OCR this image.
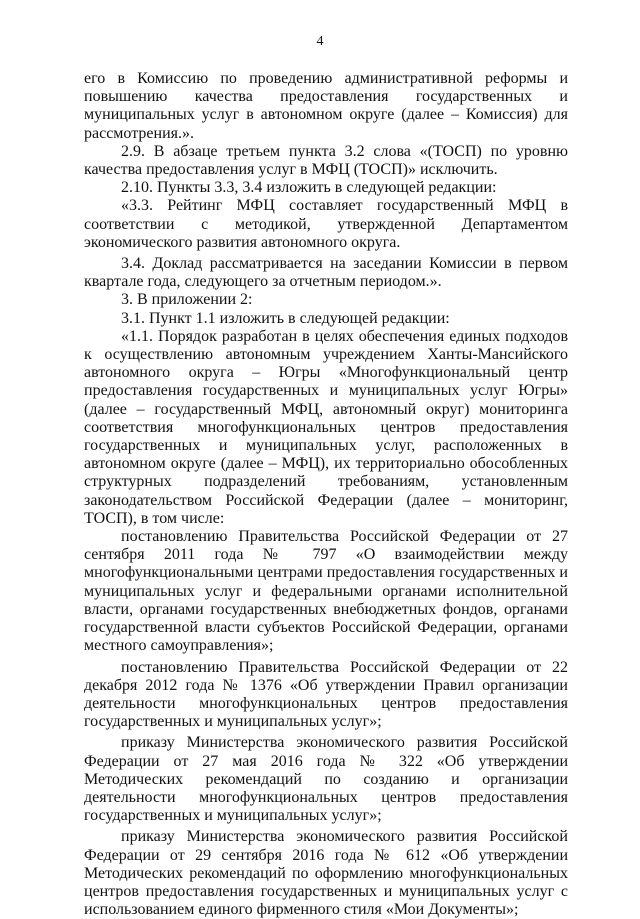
4

его в Комиссию по проведению административной реформы и повышению качества предоставления государственных и муниципальных услуг в автономном округе (далее – Комиссия) для рассмотрения.».

2.9. В абзаце третьем пункта 3.2 слова «(ТОСП) по уровню качества предоставления услуг в МФЦ (ТОСП)» исключить.

2.10. Пункты 3.3, 3.4 изложить в следующей редакции:

«3.3. Рейтинг МФЦ составляет государственный МФЦ в соответствии с методикой, утвержденной Департаментом экономического развития автономного округа.

3.4. Доклад рассматривается на заседании Комиссии в первом квартале года, следующего за отчетным периодом.».

3. В приложении 2:

3.1. Пункт 1.1 изложить в следующей редакции:

«1.1. Порядок разработан в целях обеспечения единых подходов к осуществлению автономным учреждением Ханты-Мансийского автономного округа – Югры «Многофункциональный центр предоставления государственных и муниципальных услуг Югры» (далее – государственный МФЦ, автономный округ) мониторинга соответствия многофункциональных центров предоставления государственных и муниципальных услуг, расположенных в автономном округе (далее – МФЦ), их территориально обособленных структурных подразделений требованиям, установленным законодательством Российской Федерации (далее – мониторинг, ТОСП), в том числе:

постановлению Правительства Российской Федерации от 27 сентября 2011 года № 797 «О взаимодействии между многофункциональными центрами предоставления государственных и муниципальных услуг и федеральными органами исполнительной власти, органами государственных внебюджетных фондов, органами государственной власти субъектов Российской Федерации, органами местного самоуправления»;

постановлению Правительства Российской Федерации от 22 декабря 2012 года № 1376 «Об утверждении Правил организации деятельности многофункциональных центров предоставления государственных и муниципальных услуг»;

приказу Министерства экономического развития Российской Федерации от 27 мая 2016 года № 322 «Об утверждении Методических рекомендаций по созданию и организации деятельности многофункциональных центров предоставления государственных и муниципальных услуг»;

приказу Министерства экономического развития Российской Федерации от 29 сентября 2016 года № 612 «Об утверждении Методических рекомендаций по оформлению многофункциональных центров предоставления государственных и муниципальных услуг с использованием единого фирменного стиля «Мои Документы»;
